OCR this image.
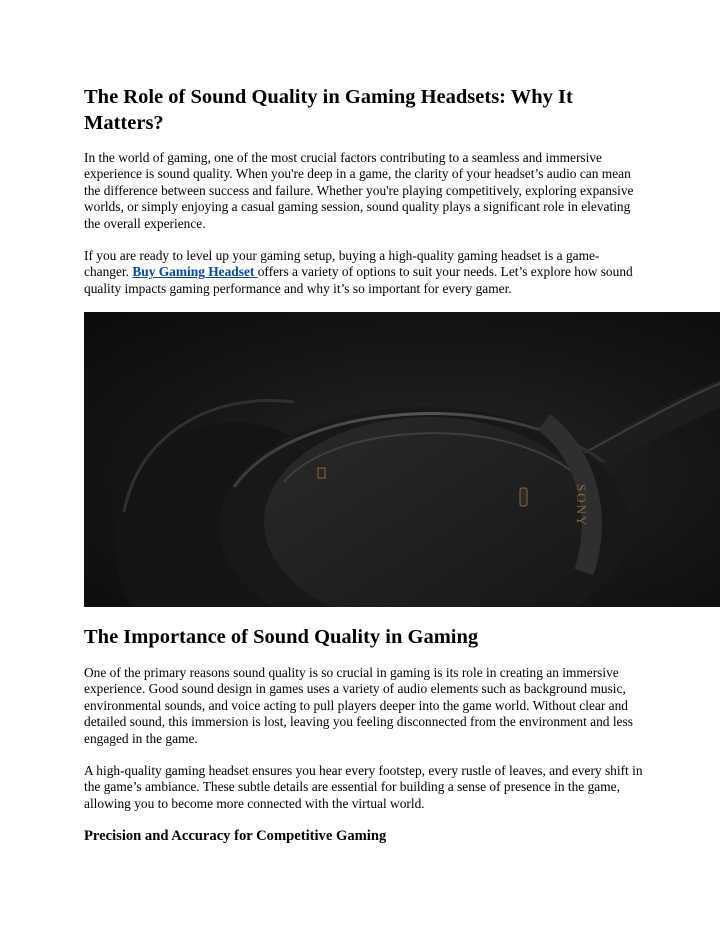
The Role of Sound Quality in Gaming Headsets: Why It Matters?

In the world of gaming, one of the most crucial factors contributing to a seamless and immersive experience is sound quality. When you're deep in a game, the clarity of your headset’s audio can mean the difference between success and failure. Whether you're playing competitively, exploring expansive worlds, or simply enjoying a casual gaming session, sound quality plays a significant role in elevating the overall experience.

If you are ready to level up your gaming setup, buying a high-quality gaming headset is a game-changer. Buy Gaming Headset offers a variety of options to suit your needs. Let’s explore how sound quality impacts gaming performance and why it’s so important for every gamer.

SONY
The Importance of Sound Quality in Gaming

One of the primary reasons sound quality is so crucial in gaming is its role in creating an immersive experience. Good sound design in games uses a variety of audio elements such as background music, environmental sounds, and voice acting to pull players deeper into the game world. Without clear and detailed sound, this immersion is lost, leaving you feeling disconnected from the environment and less engaged in the game.

A high-quality gaming headset ensures you hear every footstep, every rustle of leaves, and every shift in the game’s ambiance. These subtle details are essential for building a sense of presence in the game, allowing you to become more connected with the virtual world.

Precision and Accuracy for Competitive Gaming
